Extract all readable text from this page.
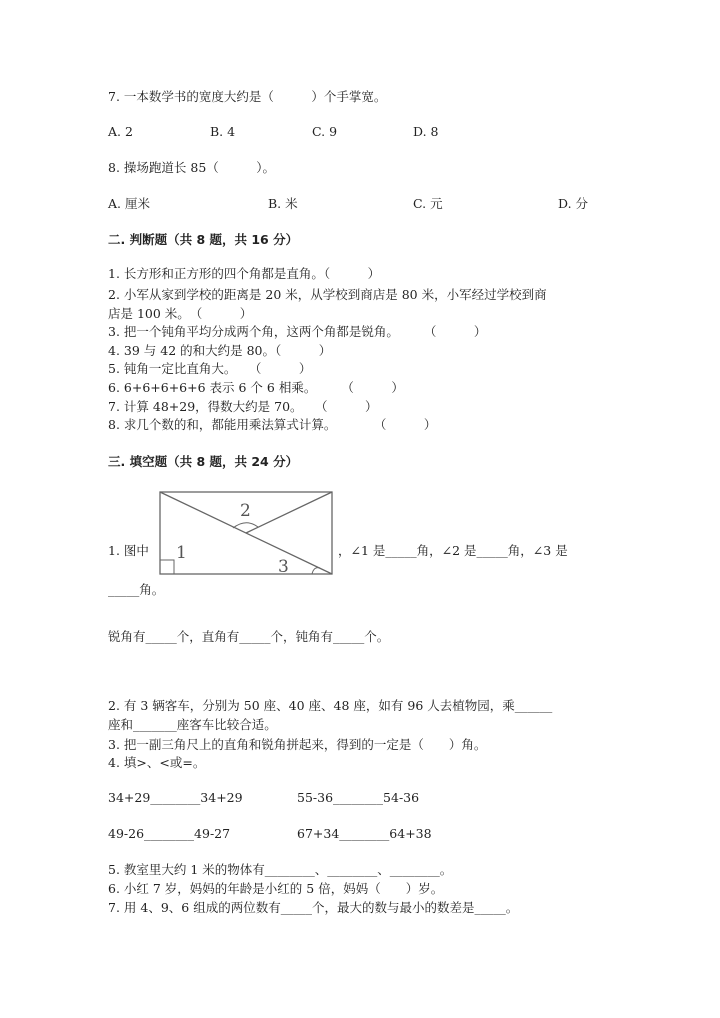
7. 一本数学书的宽度大约是（　　　）个手掌宽。
A. 2	B. 4	C. 9	D. 8
8. 操场跑道长 85（　　　）。
A. 厘米	B. 米	C. 元	D. 分
二. 判断题（共 8 题，共 16 分）
1. 长方形和正方形的四个角都是直角。（　　　）
2. 小军从家到学校的距离是 20 米，从学校到商店是 80 米，小军经过学校到商
店是 100 米。　（　　　）
3. 把一个钝角平均分成两个角，这两个角都是锐角。　　　（　　　）
4. 39 与 42 的和大约是 80。（　　　）
5. 钝角一定比直角大。　　（　　　）
6. 6+6+6+6+6 表示 6 个 6 相乘。　　　（　　　）
7. 计算 48+29，得数大约是 70。　　（　　　）
8. 求几个数的和，都能用乘法算式计算。　　　　（　　　）
三. 填空题（共 8 题，共 24 分）
1. 图中 1
2
3
，∠1 是_____角，∠2 是_____角，∠3 是
_____角。
锐角有_____个，直角有_____个，钝角有_____个。
2. 有 3 辆客车，分别为 50 座、40 座、48 座，如有 96 人去植物园，乘______
座和_______座客车比较合适。
3. 把一副三角尺上的直角和锐角拼起来，得到的一定是（　　）角。
4. 填>、<或=。
34+29________34+29	55-36________54-36
49-26________49-27	67+34________64+38
5. 教室里大约 1 米的物体有________、________、________。
6. 小红 7 岁，妈妈的年龄是小红的 5 倍，妈妈（　　）岁。
7. 用 4、9、6 组成的两位数有_____个，最大的数与最小的数差是_____。
